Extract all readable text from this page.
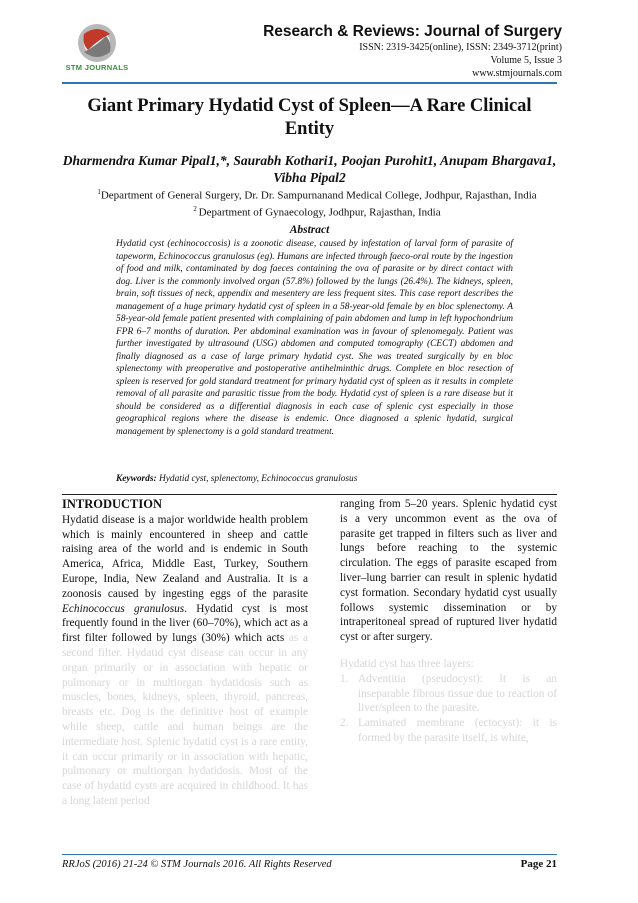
STM JOURNALS
Research & Reviews: Journal of Surgery
ISSN: 2319-3425(online), ISSN: 2349-3712(print)
Volume 5, Issue 3
www.stmjournals.com
Giant Primary Hydatid Cyst of Spleen—A Rare Clinical Entity
Dharmendra Kumar Pipal1,*, Saurabh Kothari1, Poojan Purohit1, Anupam Bhargava1, Vibha Pipal2
$^1$Department of General Surgery, Dr. Dr. Sampurnanand Medical College, Jodhpur, Rajasthan, India
$^2$ Department of Gynaecology, Jodhpur, Rajasthan, India
Abstract
Hydatid cyst (echinococcosis) is a zoonotic disease, caused by infestation of larval form of parasite of tapeworm, Echinococcus granulosus (eg). Humans are infected through faeco-oral route by the ingestion of food and milk, contaminated by dog faeces containing the ova of parasite or by direct contact with dog. Liver is the commonly involved organ (57.8%) followed by the lungs (26.4%). The kidneys, spleen, brain, soft tissues of neck, appendix and mesentery are less frequent sites. This case report describes the management of a huge primary hydatid cyst of spleen in a 58-year-old female by en bloc splenectomy. A 58-year-old female patient presented with complaining of pain abdomen and lump in left hypochondrium FPR 6–7 months of duration. Per abdominal examination was in favour of splenomegaly. Patient was further investigated by ultrasound (USG) abdomen and computed tomography (CECT) abdomen and finally diagnosed as a case of large primary hydatid cyst. She was treated surgically by en bloc splenectomy with preoperative and postoperative antihelminthic drugs. Complete en bloc resection of spleen is reserved for gold standard treatment for primary hydatid cyst of spleen as it results in complete removal of all parasite and parasitic tissue from the body. Hydatid cyst of spleen is a rare disease but it should be considered as a differential diagnosis in each case of splenic cyst especially in those geographical regions where the disease is endemic. Once diagnosed a splenic hydatid, surgical management by splenectomy is a gold standard treatment.
Keywords: Hydatid cyst, splenectomy, Echinococcus granulosus
INTRODUCTION
Hydatid disease is a major worldwide health problem which is mainly encountered in sheep and cattle raising area of the world and is endemic in South America, Africa, Middle East, Turkey, Southern Europe, India, New Zealand and Australia. It is a zoonosis caused by ingesting eggs of the parasite Echinococcus granulosus. Hydatid cyst is most frequently found in the liver (60–70%), which act as a first filter followed by lungs (30%) which acts as a second filter. Hydatid cyst disease can occur in any organ primarily or in association with hepatic or pulmonary or in multiorgan hydatidosis such as muscles, bones, kidneys, spleen, thyroid, pancreas, breasts etc. Dog is the definitive host of example while sheep, cattle and human beings are the intermediate host. Splenic hydatid cyst is a rare entity, it can occur primarily or in association with hepatic, pulmonary or multiorgan hydatidosis. Most of the case of hydatid cysts are acquired in childhood. It has a long latent period
ranging from 5–20 years. Splenic hydatid cyst is a very uncommon event as the ova of parasite get trapped in filters such as liver and lungs before reaching to the systemic circulation. The eggs of parasite escaped from liver–lung barrier can result in splenic hydatid cyst formation. Secondary hydatid cyst usually follows systemic dissemination or by intraperitoneal spread of ruptured liver hydatid cyst or after surgery.
Hydatid cyst has three layers:
1. Adventitia (pseudocyst): It is an inseparable fibrous tissue due to reaction of liver/spleen to the parasite.
2. Laminated membrane (ectocyst): it is formed by the parasite itself, is white,
RRJoS (2016) 21-24 © STM Journals 2016. All Rights Reserved	Page 21
